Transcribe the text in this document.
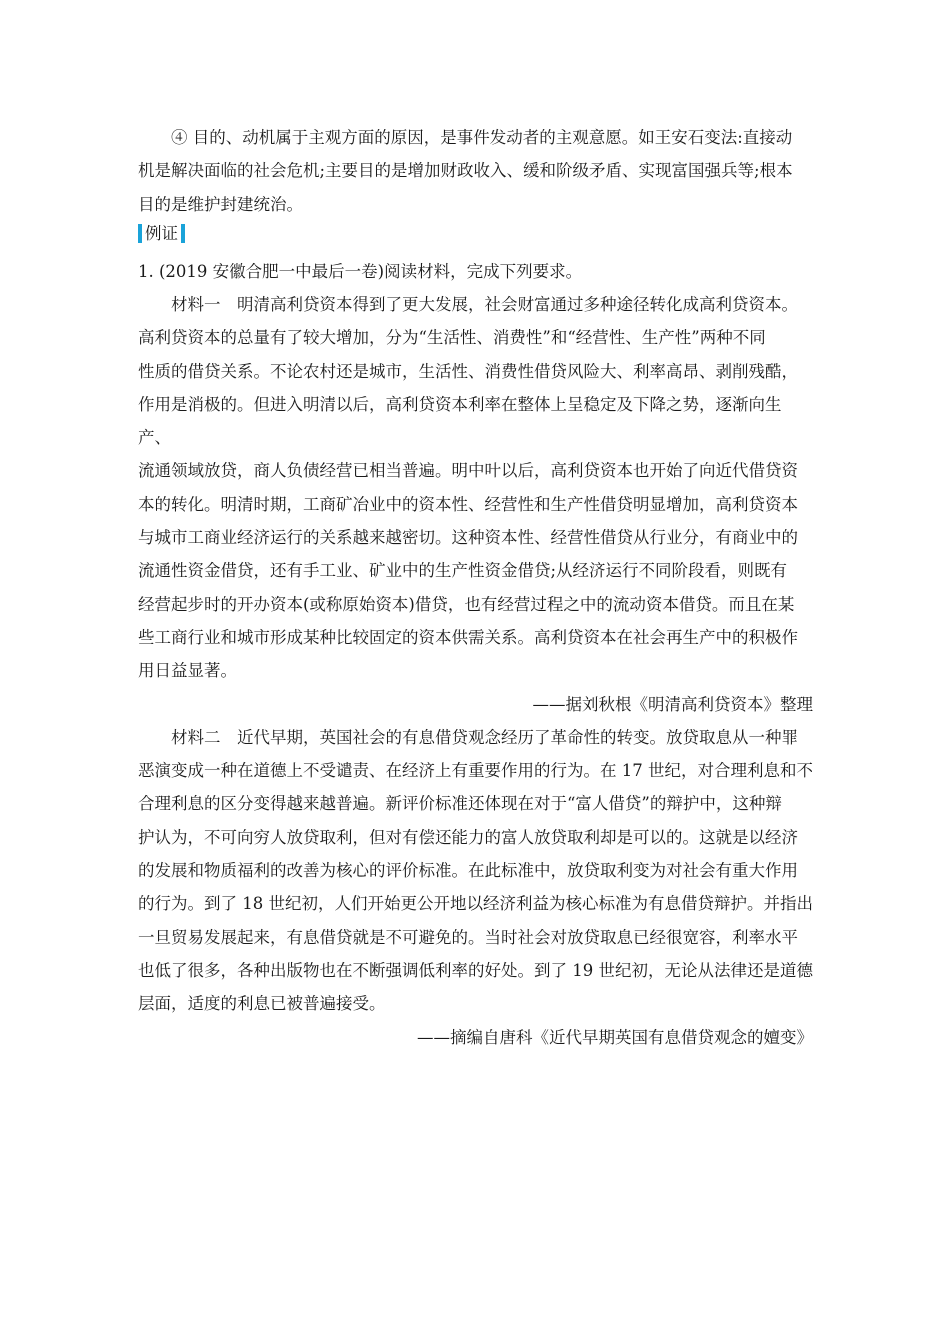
④ 目的、动机属于主观方面的原因，是事件发动者的主观意愿。如王安石变法:直接动

机是解决面临的社会危机;主要目的是增加财政收入、缓和阶级矛盾、实现富国强兵等;根本

目的是维护封建统治。

例证

1. (2019 安徽合肥一中最后一卷)阅读材料，完成下列要求。

材料一　明清高利贷资本得到了更大发展，社会财富通过多种途径转化成高利贷资本。

高利贷资本的总量有了较大增加，分为“生活性、消费性”和“经营性、生产性”两种不同

性质的借贷关系。不论农村还是城市，生活性、消费性借贷风险大、利率高昂、剥削残酷，

作用是消极的。但进入明清以后，高利贷资本利率在整体上呈稳定及下降之势，逐渐向生产、

流通领域放贷，商人负债经营已相当普遍。明中叶以后，高利贷资本也开始了向近代借贷资

本的转化。明清时期，工商矿冶业中的资本性、经营性和生产性借贷明显增加，高利贷资本

与城市工商业经济运行的关系越来越密切。这种资本性、经营性借贷从行业分，有商业中的

流通性资金借贷，还有手工业、矿业中的生产性资金借贷;从经济运行不同阶段看，则既有

经营起步时的开办资本(或称原始资本)借贷，也有经营过程之中的流动资本借贷。而且在某

些工商行业和城市形成某种比较固定的资本供需关系。高利贷资本在社会再生产中的积极作

用日益显著。

——据刘秋根《明清高利贷资本》整理

材料二　近代早期，英国社会的有息借贷观念经历了革命性的转变。放贷取息从一种罪

恶演变成一种在道德上不受谴责、在经济上有重要作用的行为。在 17 世纪，对合理利息和不

合理利息的区分变得越来越普遍。新评价标准还体现在对于“富人借贷”的辩护中，这种辩

护认为，不可向穷人放贷取利，但对有偿还能力的富人放贷取利却是可以的。这就是以经济

的发展和物质福利的改善为核心的评价标准。在此标准中，放贷取利变为对社会有重大作用

的行为。到了 18 世纪初，人们开始更公开地以经济利益为核心标准为有息借贷辩护。并指出

一旦贸易发展起来，有息借贷就是不可避免的。当时社会对放贷取息已经很宽容，利率水平

也低了很多，各种出版物也在不断强调低利率的好处。到了 19 世纪初，无论从法律还是道德

层面，适度的利息已被普遍接受。

——摘编自唐科《近代早期英国有息借贷观念的嬗变》
